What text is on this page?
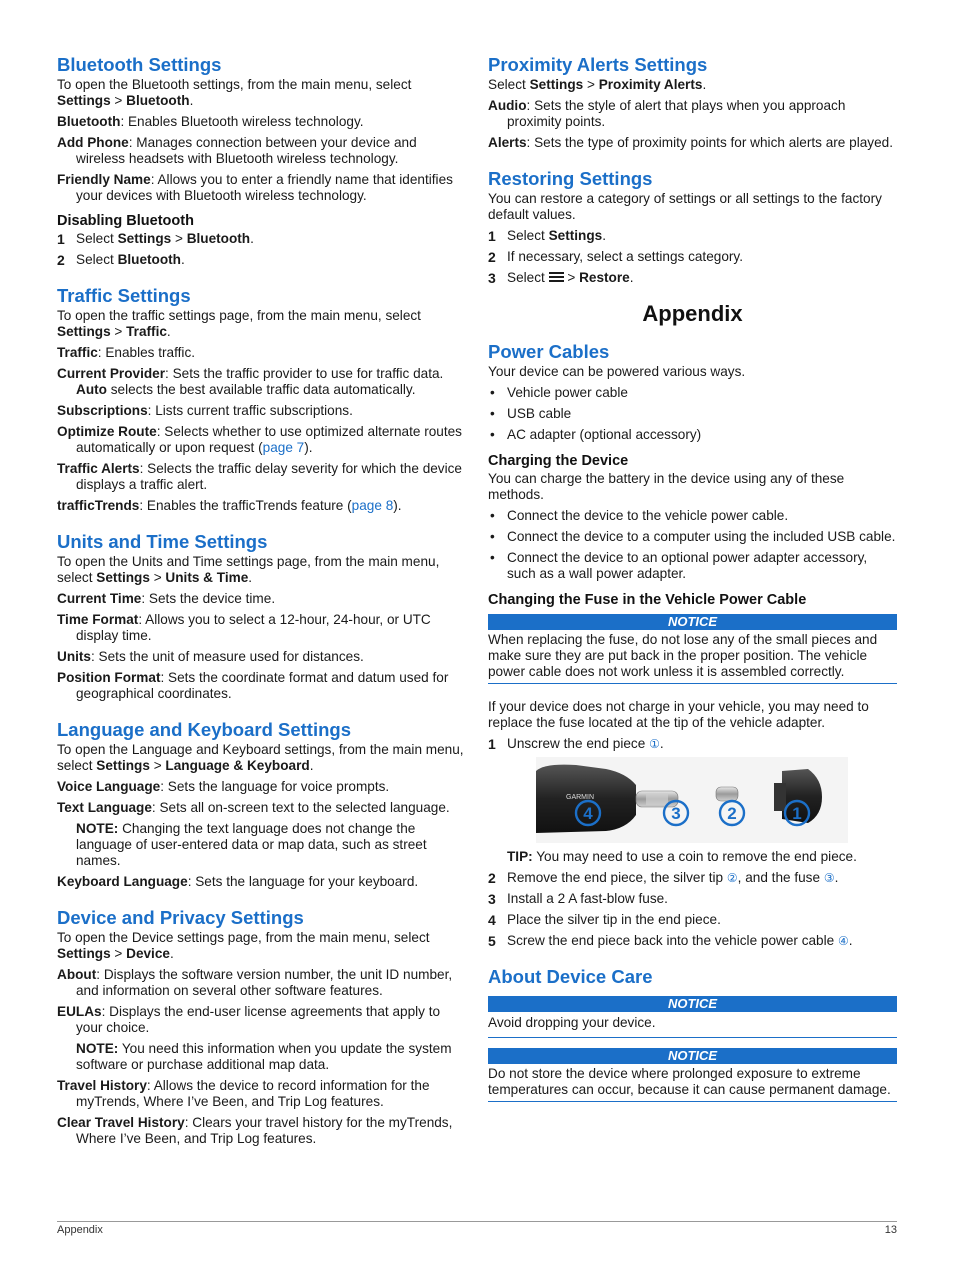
Bluetooth Settings

To open the Bluetooth settings, from the main menu, select Settings > Bluetooth.

Bluetooth: Enables Bluetooth wireless technology.

Add Phone: Manages connection between your device and wireless headsets with Bluetooth wireless technology.

Friendly Name: Allows you to enter a friendly name that identifies your devices with Bluetooth wireless technology.

Disabling Bluetooth
1 Select Settings > Bluetooth.
2 Select Bluetooth.
Traffic Settings

To open the traffic settings page, from the main menu, select Settings > Traffic.

Traffic: Enables traffic.

Current Provider: Sets the traffic provider to use for traffic data. Auto selects the best available traffic data automatically.

Subscriptions: Lists current traffic subscriptions.

Optimize Route: Selects whether to use optimized alternate routes automatically or upon request (page 7).

Traffic Alerts: Selects the traffic delay severity for which the device displays a traffic alert.

trafficTrends: Enables the trafficTrends feature (page 8).

Units and Time Settings

To open the Units and Time settings page, from the main menu, select Settings > Units & Time.

Current Time: Sets the device time.

Time Format: Allows you to select a 12-hour, 24-hour, or UTC display time.

Units: Sets the unit of measure used for distances.

Position Format: Sets the coordinate format and datum used for geographical coordinates.

Language and Keyboard Settings

To open the Language and Keyboard settings, from the main menu, select Settings > Language & Keyboard.

Voice Language: Sets the language for voice prompts.

Text Language: Sets all on-screen text to the selected language.

NOTE: Changing the text language does not change the language of user-entered data or map data, such as street names.

Keyboard Language: Sets the language for your keyboard.

Device and Privacy Settings

To open the Device settings page, from the main menu, select Settings > Device.

About: Displays the software version number, the unit ID number, and information on several other software features.

EULAs: Displays the end-user license agreements that apply to your choice.

NOTE: You need this information when you update the system software or purchase additional map data.

Travel History: Allows the device to record information for the myTrends, Where I’ve Been, and Trip Log features.

Clear Travel History: Clears your travel history for the myTrends, Where I’ve Been, and Trip Log features.

Proximity Alerts Settings

Select Settings > Proximity Alerts.

Audio: Sets the style of alert that plays when you approach proximity points.

Alerts: Sets the type of proximity points for which alerts are played.

Restoring Settings

You can restore a category of settings or all settings to the factory default values.

1 Select Settings.
2 If necessary, select a settings category.
3 Select
> Restore.
Appendix
Power Cables

Your device can be powered various ways.

• Vehicle power cable
• USB cable
• AC adapter (optional accessory)
Charging the Device

You can charge the battery in the device using any of these methods.

• Connect the device to the vehicle power cable.
• Connect the device to a computer using the included USB cable.
• Connect the device to an optional power adapter accessory, such as a wall power adapter.
Changing the Fuse in the Vehicle Power Cable
NOTICE

When replacing the fuse, do not lose any of the small pieces and make sure they are put back in the proper position. The vehicle power cable does not work unless it is assembled correctly.

If your device does not charge in your vehicle, you may need to replace the fuse located at the tip of the vehicle adapter.

1 Unscrew the end piece ①.
GARMIN
4	3	2	1

TIP: You may need to use a coin to remove the end piece.

2 Remove the end piece, the silver tip ②, and the fuse ③.
3 Install a 2 A fast-blow fuse.
4 Place the silver tip in the end piece.
5 Screw the end piece back into the vehicle power cable ④.
About Device Care
NOTICE

Avoid dropping your device.

NOTICE

Do not store the device where prolonged exposure to extreme temperatures can occur, because it can cause permanent damage.

Appendix	13
